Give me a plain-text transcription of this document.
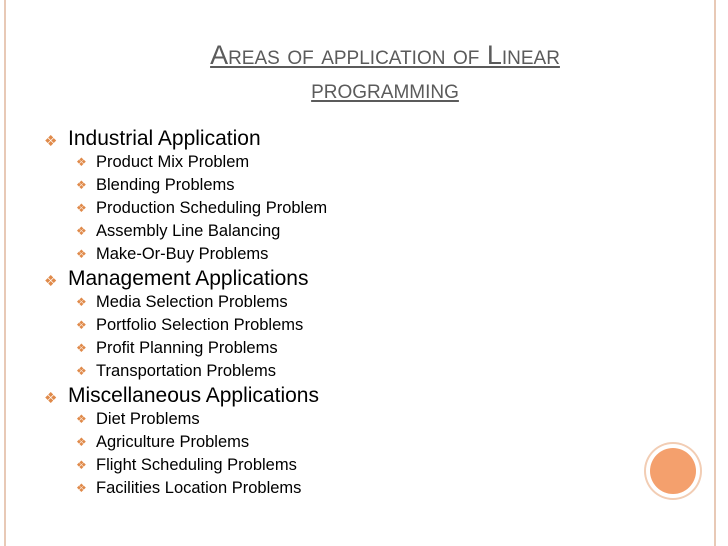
Areas of application of Linear
programming
❖ Industrial Application
❖ Product Mix Problem
❖ Blending Problems
❖ Production Scheduling Problem
❖ Assembly Line Balancing
❖ Make-Or-Buy Problems
❖ Management Applications
❖ Media Selection Problems
❖ Portfolio Selection Problems
❖ Profit Planning Problems
❖ Transportation Problems
❖ Miscellaneous Applications
❖ Diet Problems
❖ Agriculture Problems
❖ Flight Scheduling Problems
❖ Facilities Location Problems
